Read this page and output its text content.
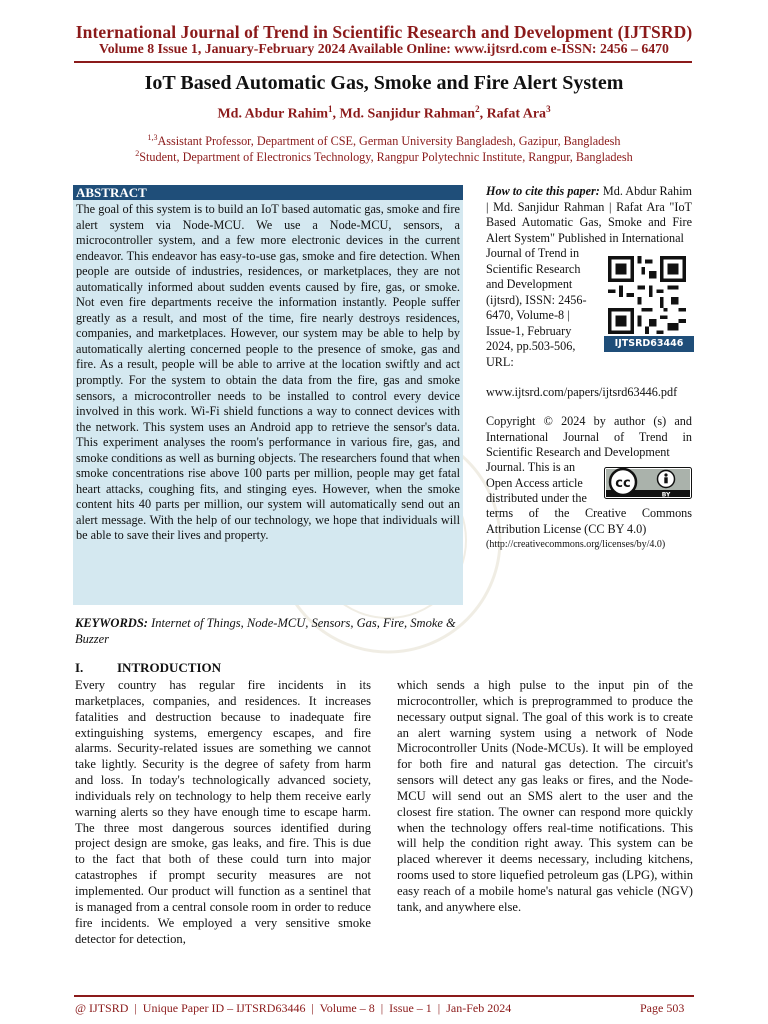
International Journal of Trend in Scientific Research and Development (IJTSRD)
Volume 8 Issue 1, January-February 2024 Available Online: www.ijtsrd.com e-ISSN: 2456 – 6470
IoT Based Automatic Gas, Smoke and Fire Alert System
Md. Abdur Rahim$^1$, Md. Sanjidur Rahman$^2$, Rafat Ara$^3$
$^{1,3}$Assistant Professor, Department of CSE, German University Bangladesh, Gazipur, Bangladesh
$^2$Student, Department of Electronics Technology, Rangpur Polytechnic Institute, Rangpur, Bangladesh
ABSTRACT
The goal of this system is to build an IoT based automatic gas, smoke and fire alert system via Node-MCU. We use a Node-MCU, sensors, a microcontroller system, and a few more electronic devices in the current endeavor. This endeavor has easy-to-use gas, smoke and fire detection. When people are outside of industries, residences, or marketplaces, they are not automatically informed about sudden events caused by fire, gas, or smoke. Not even fire departments receive the information instantly. People suffer greatly as a result, and most of the time, fire nearly destroys residences, companies, and marketplaces. However, our system may be able to help by automatically alerting concerned people to the presence of smoke, gas and fire. As a result, people will be able to arrive at the location swiftly and act promptly. For the system to obtain the data from the fire, gas and smoke sensors, a microcontroller needs to be installed to control every device involved in this work. Wi-Fi shield functions a way to connect devices with the network. This system uses an Android app to retrieve the sensor's data. This experiment analyses the room's performance in various fire, gas, and smoke conditions as well as burning objects. The researchers found that when smoke concentrations rise above 100 parts per million, people may get fatal heart attacks, coughing fits, and stinging eyes. However, when the smoke content hits 40 parts per million, our system will automatically send out an alert message. With the help of our technology, we hope that individuals will be able to save their lives and property.
KEYWORDS: Internet of Things, Node-MCU, Sensors, Gas, Fire, Smoke & Buzzer
How to cite this paper: Md. Abdur Rahim | Md. Sanjidur Rahman | Rafat Ara "IoT Based Automatic Gas, Smoke and Fire Alert System" Published in International
Journal of Trend in Scientific Research and Development (ijtsrd), ISSN: 2456-6470, Volume-8 | Issue-1, February 2024, pp.503-506, URL:
www.ijtsrd.com/papers/ijtsrd63446.pdf
IJTSRD63446
Copyright © 2024 by author (s) and International Journal of Trend in Scientific Research and Development
Journal. This is an Open Access article distributed under the
terms of the Creative Commons Attribution License (CC BY 4.0)
(http://creativecommons.org/licenses/by/4.0)
cc
BY
I.	INTRODUCTION
Every country has regular fire incidents in its marketplaces, companies, and residences. It increases fatalities and destruction because to inadequate fire extinguishing systems, emergency escapes, and fire alarms. Security-related issues are something we cannot take lightly. Security is the degree of safety from harm and loss. In today's technologically advanced society, individuals rely on technology to help them receive early warning alerts so they have enough time to escape harm. The three most dangerous sources identified during project design are smoke, gas leaks, and fire. This is due to the fact that both of these could turn into major catastrophes if prompt security measures are not implemented. Our product will function as a sentinel that is managed from a central console room in order to reduce fire incidents. We employed a very sensitive smoke detector for detection,
which sends a high pulse to the input pin of the microcontroller, which is preprogrammed to produce the necessary output signal. The goal of this work is to create an alert warning system using a network of Node Microcontroller Units (Node-MCUs). It will be employed for both fire and natural gas detection. The circuit's sensors will detect any gas leaks or fires, and the Node-MCU will send out an SMS alert to the user and the closest fire station. The owner can respond more quickly when the technology offers real-time notifications. This will help the condition right away. This system can be placed wherever it deems necessary, including kitchens, rooms used to store liquefied petroleum gas (LPG), within easy reach of a mobile home's natural gas vehicle (NGV) tank, and anywhere else.
@ IJTSRD  |  Unique Paper ID – IJTSRD63446  |  Volume – 8  |  Issue – 1  |  Jan-Feb 2024	Page 503
